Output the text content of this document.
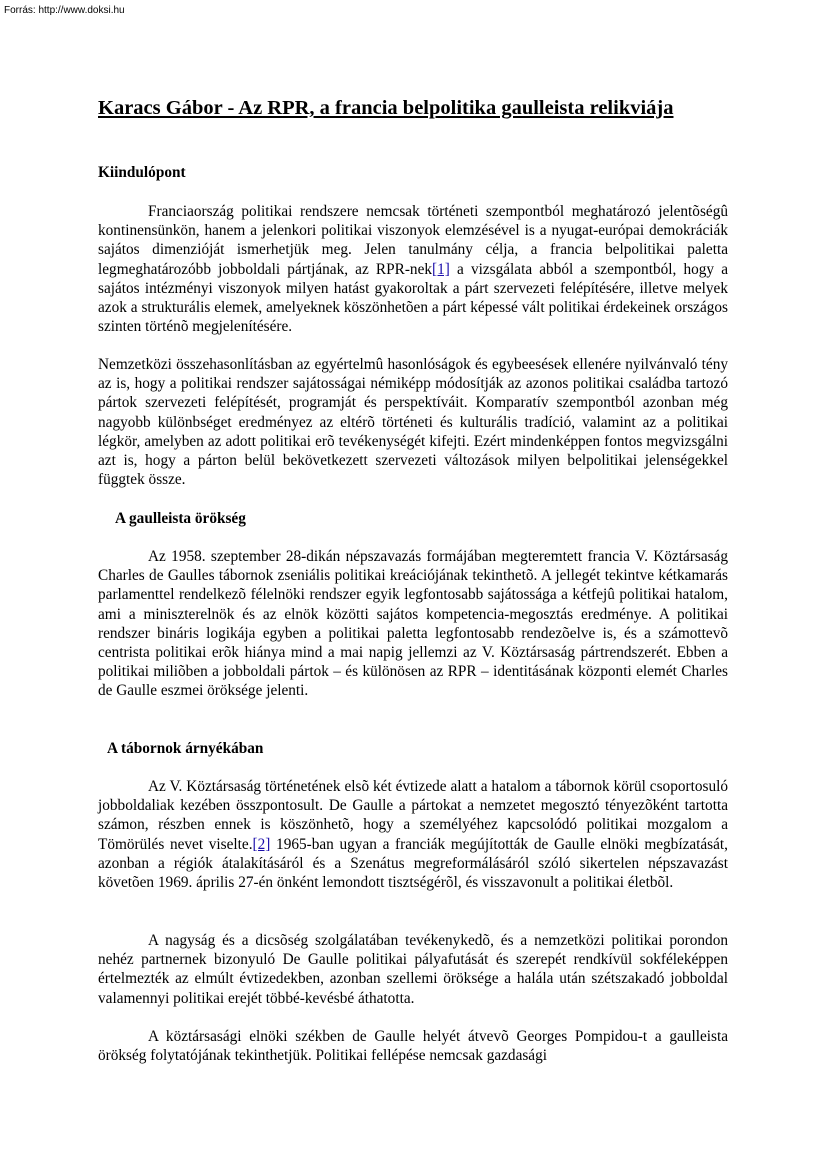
Forrás: http://www.doksi.hu
Karacs Gábor - Az RPR, a francia belpolitika gaulleista relikviája
Kiindulópont

Franciaország politikai rendszere nemcsak történeti szempontból meghatározó jelentõségû kontinensünkön, hanem a jelenkori politikai viszonyok elemzésével is a nyugat-európai demokráciák sajátos dimenzióját ismerhetjük meg. Jelen tanulmány célja, a francia belpolitikai paletta legmeghatározóbb jobboldali pártjának, az RPR-nek[1] a vizsgálata abból a szempontból, hogy a sajátos intézményi viszonyok milyen hatást gyakoroltak a párt szervezeti felépítésére, illetve melyek azok a strukturális elemek, amelyeknek köszönhetõen a párt képessé vált politikai érdekeinek országos szinten történõ megjelenítésére.

Nemzetközi összehasonlításban az egyértelmû hasonlóságok és egybeesések ellenére nyilvánvaló tény az is, hogy a politikai rendszer sajátosságai némiképp módosítják az azonos politikai családba tartozó pártok szervezeti felépítését, programját és perspektíváit. Komparatív szempontból azonban még nagyobb különbséget eredményez az eltérõ történeti és kulturális tradíció, valamint az a politikai légkör, amelyben az adott politikai erõ tevékenységét kifejti. Ezért mindenképpen fontos megvizsgálni azt is, hogy a párton belül bekövetkezett szervezeti változások milyen belpolitikai jelenségekkel függtek össze.

A gaulleista örökség

Az 1958. szeptember 28-dikán népszavazás formájában megteremtett francia V. Köztársaság Charles de Gaulles tábornok zseniális politikai kreációjának tekinthetõ. A jellegét tekintve kétkamarás parlamenttel rendelkezõ félelnöki rendszer egyik legfontosabb sajátossága a kétfejû politikai hatalom, ami a miniszterelnök és az elnök közötti sajátos kompetencia-megosztás eredménye. A politikai rendszer bináris logikája egyben a politikai paletta legfontosabb rendezõelve is, és a számottevõ centrista politikai erõk hiánya mind a mai napig jellemzi az V. Köztársaság pártrendszerét. Ebben a politikai miliõben a jobboldali pártok – és különösen az RPR – identitásának központi elemét Charles de Gaulle eszmei öröksége jelenti.

A tábornok árnyékában

Az V. Köztársaság történetének elsõ két évtizede alatt a hatalom a tábornok körül csoportosuló jobboldaliak kezében összpontosult. De Gaulle a pártokat a nemzetet megosztó tényezõként tartotta számon, részben ennek is köszönhetõ, hogy a személyéhez kapcsolódó politikai mozgalom a Tömörülés nevet viselte.[2] 1965-ban ugyan a franciák megújították de Gaulle elnöki megbízatását, azonban a régiók átalakításáról és a Szenátus megreformálásáról szóló sikertelen népszavazást követõen 1969. április 27-én önként lemondott tisztségérõl, és visszavonult a politikai életbõl.

A nagyság és a dicsõség szolgálatában tevékenykedõ, és a nemzetközi politikai porondon nehéz partnernek bizonyuló De Gaulle politikai pályafutását és szerepét rendkívül sokféleképpen értelmezték az elmúlt évtizedekben, azonban szellemi öröksége a halála után szétszakadó jobboldal valamennyi politikai erejét többé-kevésbé áthatotta.

A köztársasági elnöki székben de Gaulle helyét átvevõ Georges Pompidou-t a gaulleista örökség folytatójának tekinthetjük. Politikai fellépése nemcsak gazdasági
